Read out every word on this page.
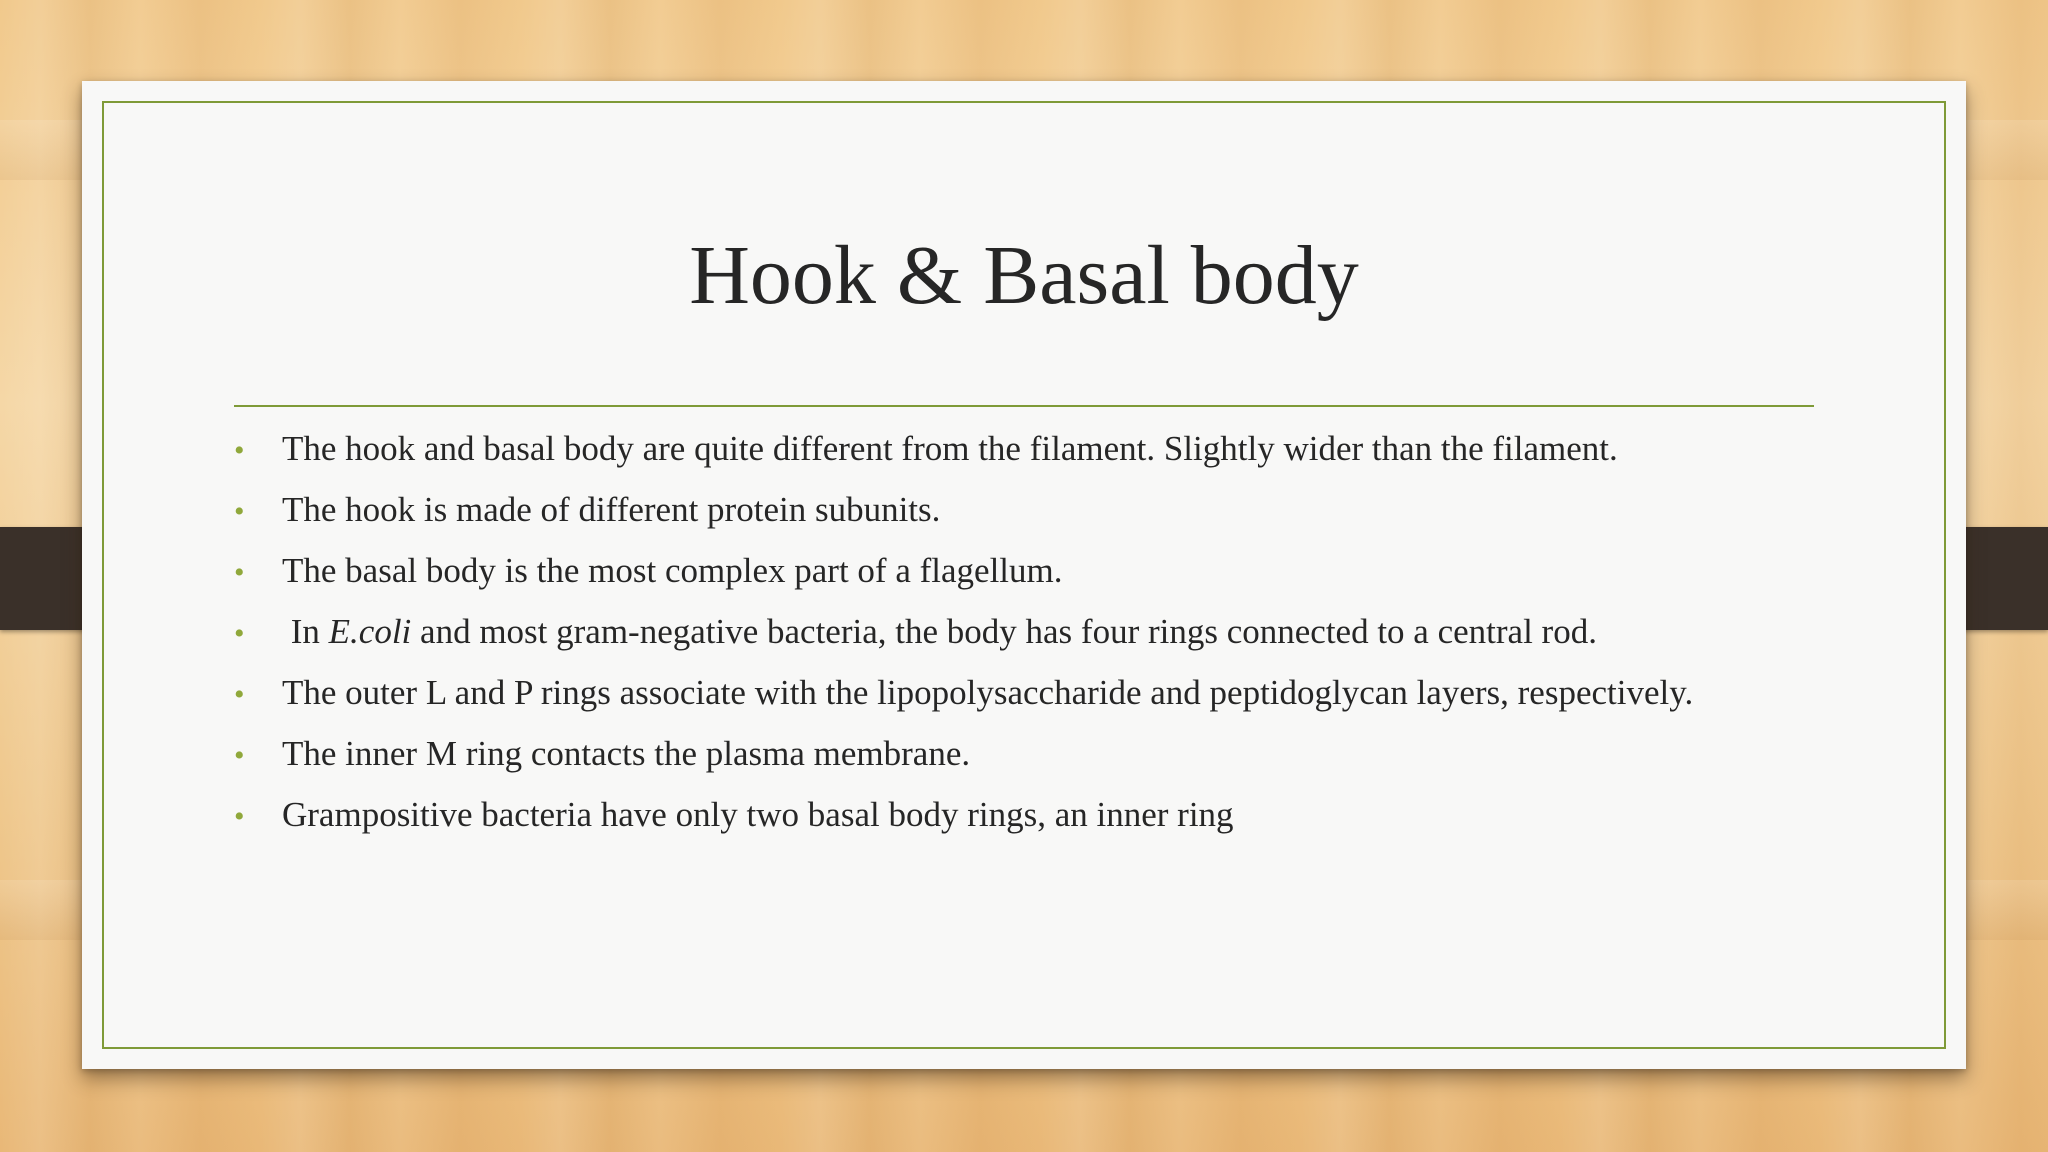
Hook & Basal body
• The hook and basal body are quite different from the filament. Slightly wider than the filament.
• The hook is made of different protein subunits.
• The basal body is the most complex part of a flagellum.
• In E.coli and most gram-negative bacteria, the body has four rings connected to a central rod.
• The outer L and P rings associate with the lipopolysaccharide and peptidoglycan layers, respectively.
• The inner M ring contacts the plasma membrane.
• Grampositive bacteria have only two basal body rings, an inner ring
